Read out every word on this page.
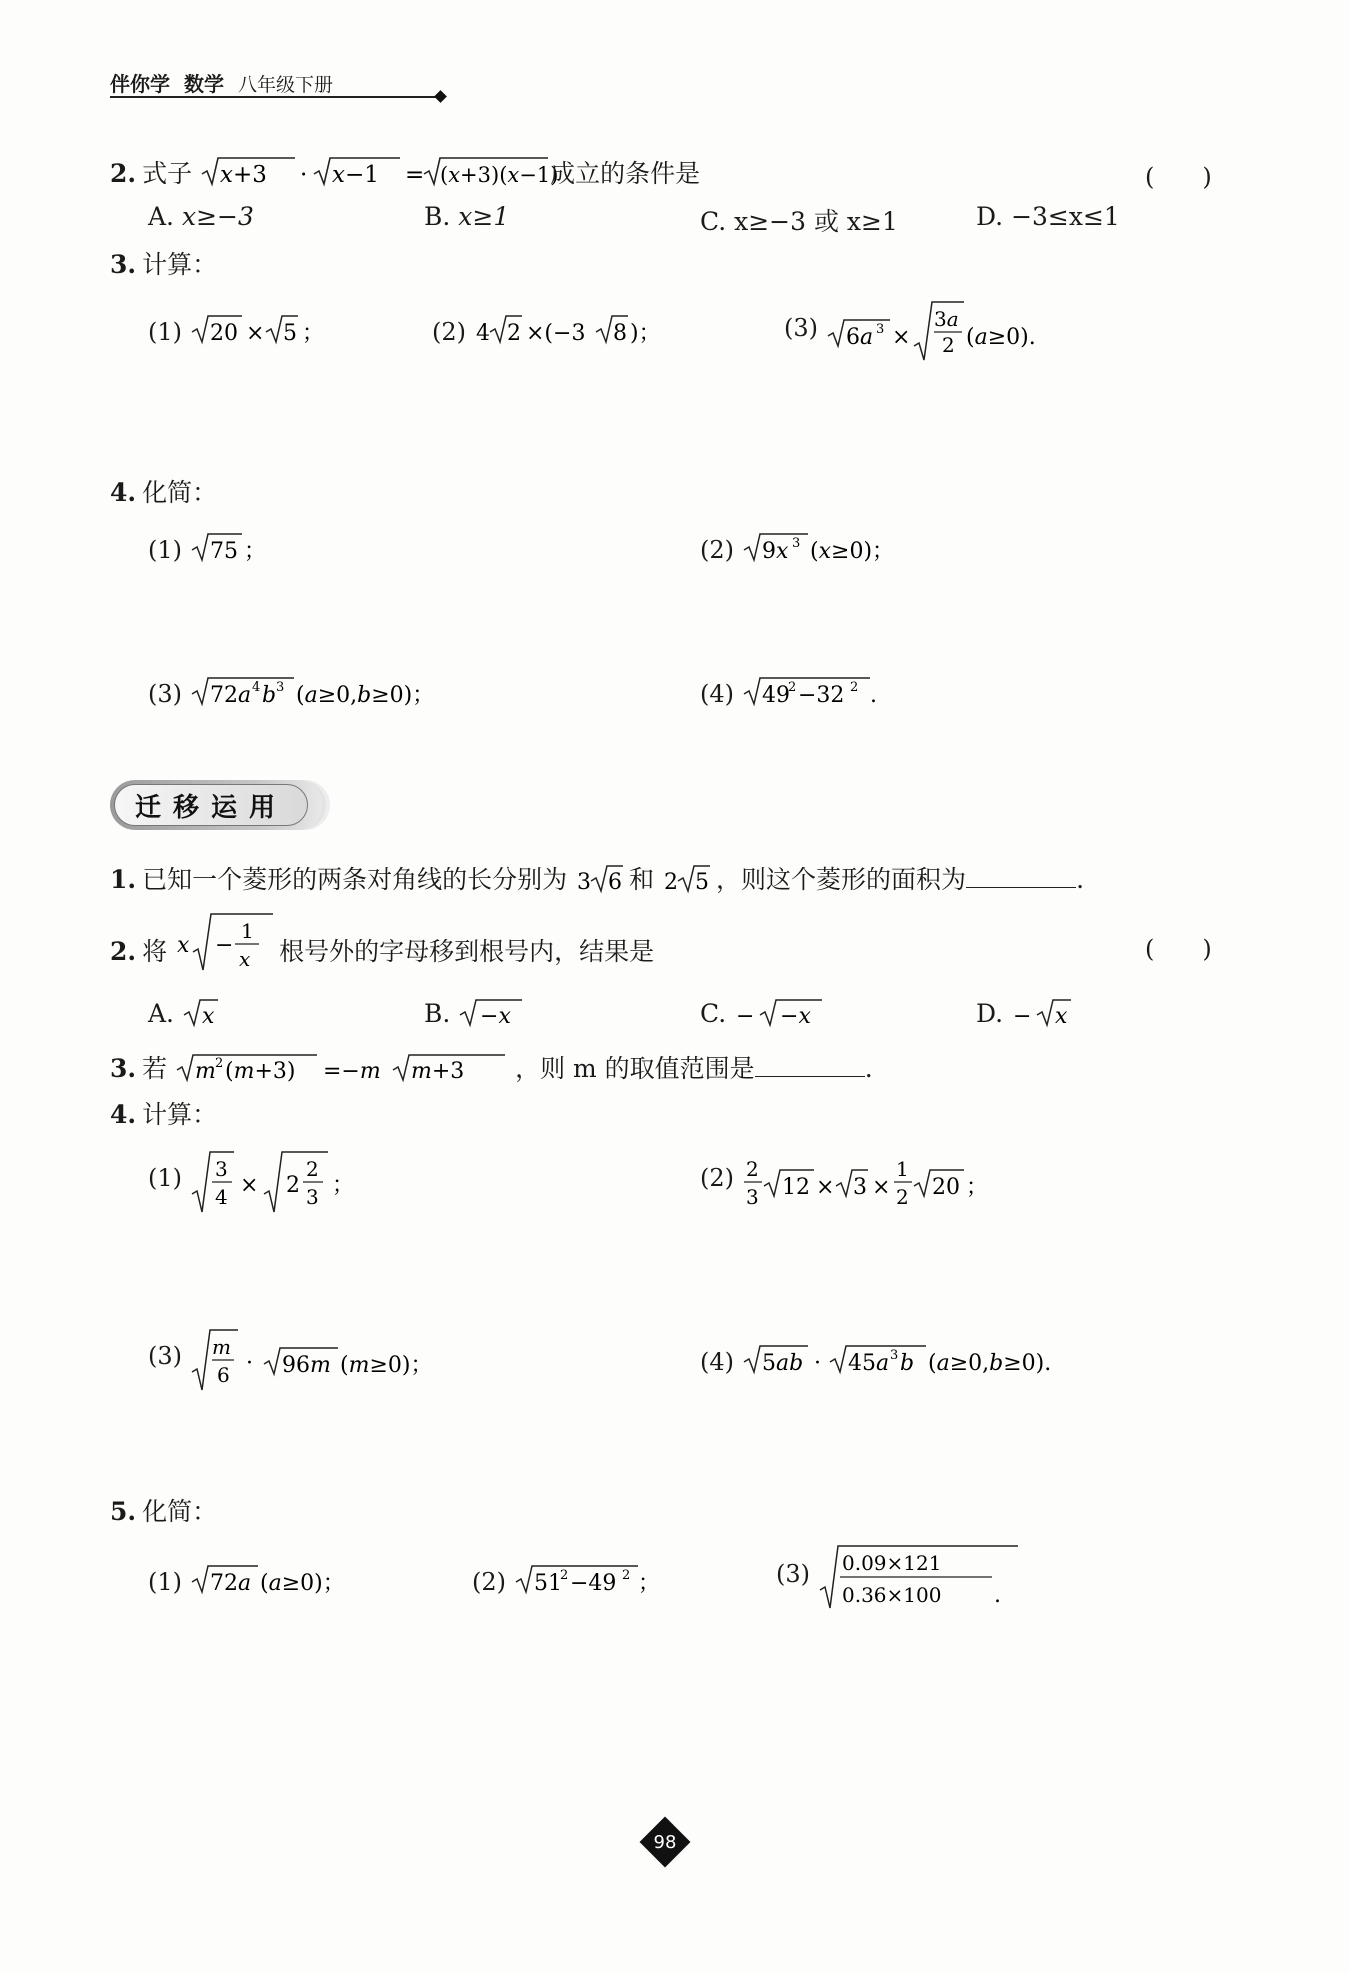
伴你学 数学 八年级下册
2. 式子 x+3 · x−1 = (x+3)(x−1)
成立的条件是	(　　)
A. x≥−3	B. x≥1	C. x≥−3 或 x≥1	D. −3≤x≤1
3. 计算：
(1) 20 × 5 ；	(2) 4 2 ×(−3 8 )；	(3) 6a 3 ×
3a
2 (a≥0).
4. 化简：
(1) 75 ；	(2) 9x 3 (x≥0)；
(3) 72a 4 b 3 (a≥0,b≥0)；	(4) 49
2 −32 2 .
迁移运用
1. 已知一个菱形的两条对角线的长分别为 3 6 和 2 5 ，则这个菱形的面积为	.
2. 将 x −
1
x 根号外的字母移到根号内，结果是	(　　)
A. x	B. −x	C. − −x	D. − x
3. 若 m 2 (m+3) =−m m+3 ，则 m 的取值范围是	.
4. 计算：
(1) 3
4 × 2
2
3 ；	(2) 2
3 12 × 3 ×
1
2 20 ；
(3) m
6 · 96m (m≥0)；	(4) 5ab · 45a 3 b (a≥0,b≥0).
5. 化简：
(1) 72a (a≥0)；	(2) 51
2 −49 2 ；	(3) 0.09×121
0.36×100 .
98
